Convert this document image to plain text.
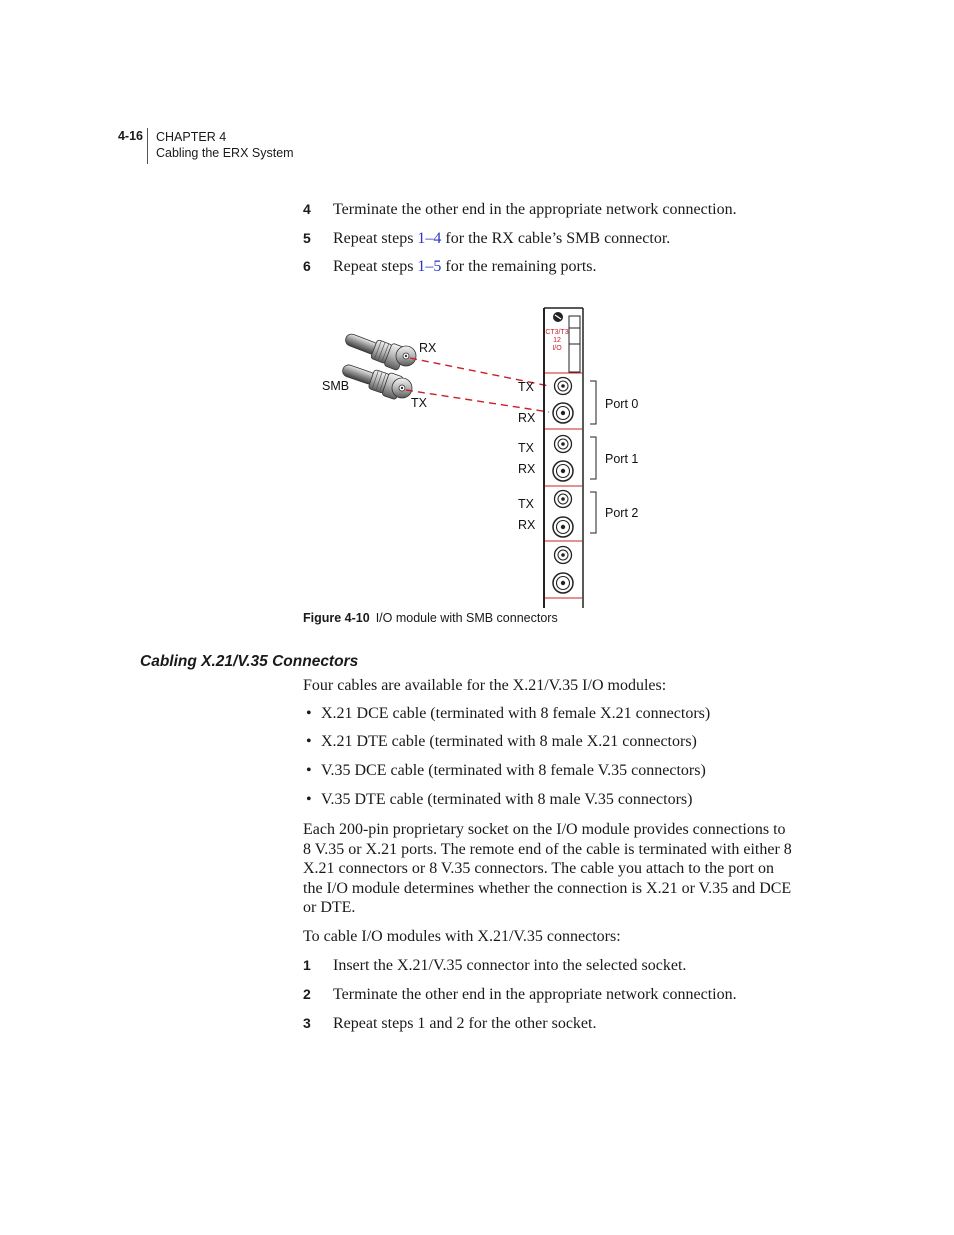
4-16 CHAPTER 4
Cabling the ERX System
4 Terminate the other end in the appropriate network connection.
5 Repeat steps 1–4 for the RX cable’s SMB connector.
6 Repeat steps 1–5 for the remaining ports.
RX
SMB
TX
CT3/T3
12
I/O
TX
RX
TX
RX
TX
RX
Port 0
Port 1
Port 2
Figure 4-10 I/O module with SMB connectors
Cabling X.21/V.35 Connectors
Four cables are available for the X.21/V.35 I/O modules:
• X.21 DCE cable (terminated with 8 female X.21 connectors)
• X.21 DTE cable (terminated with 8 male X.21 connectors)
• V.35 DCE cable (terminated with 8 female V.35 connectors)
• V.35 DTE cable (terminated with 8 male V.35 connectors)
Each 200-pin proprietary socket on the I/O module provides connections to 8 V.35 or X.21 ports. The remote end of the cable is terminated with either 8 X.21 connectors or 8 V.35 connectors. The cable you attach to the port on the I/O module determines whether the connection is X.21 or V.35 and DCE or DTE.
To cable I/O modules with X.21/V.35 connectors:
1 Insert the X.21/V.35 connector into the selected socket.
2 Terminate the other end in the appropriate network connection.
3 Repeat steps 1 and 2 for the other socket.
